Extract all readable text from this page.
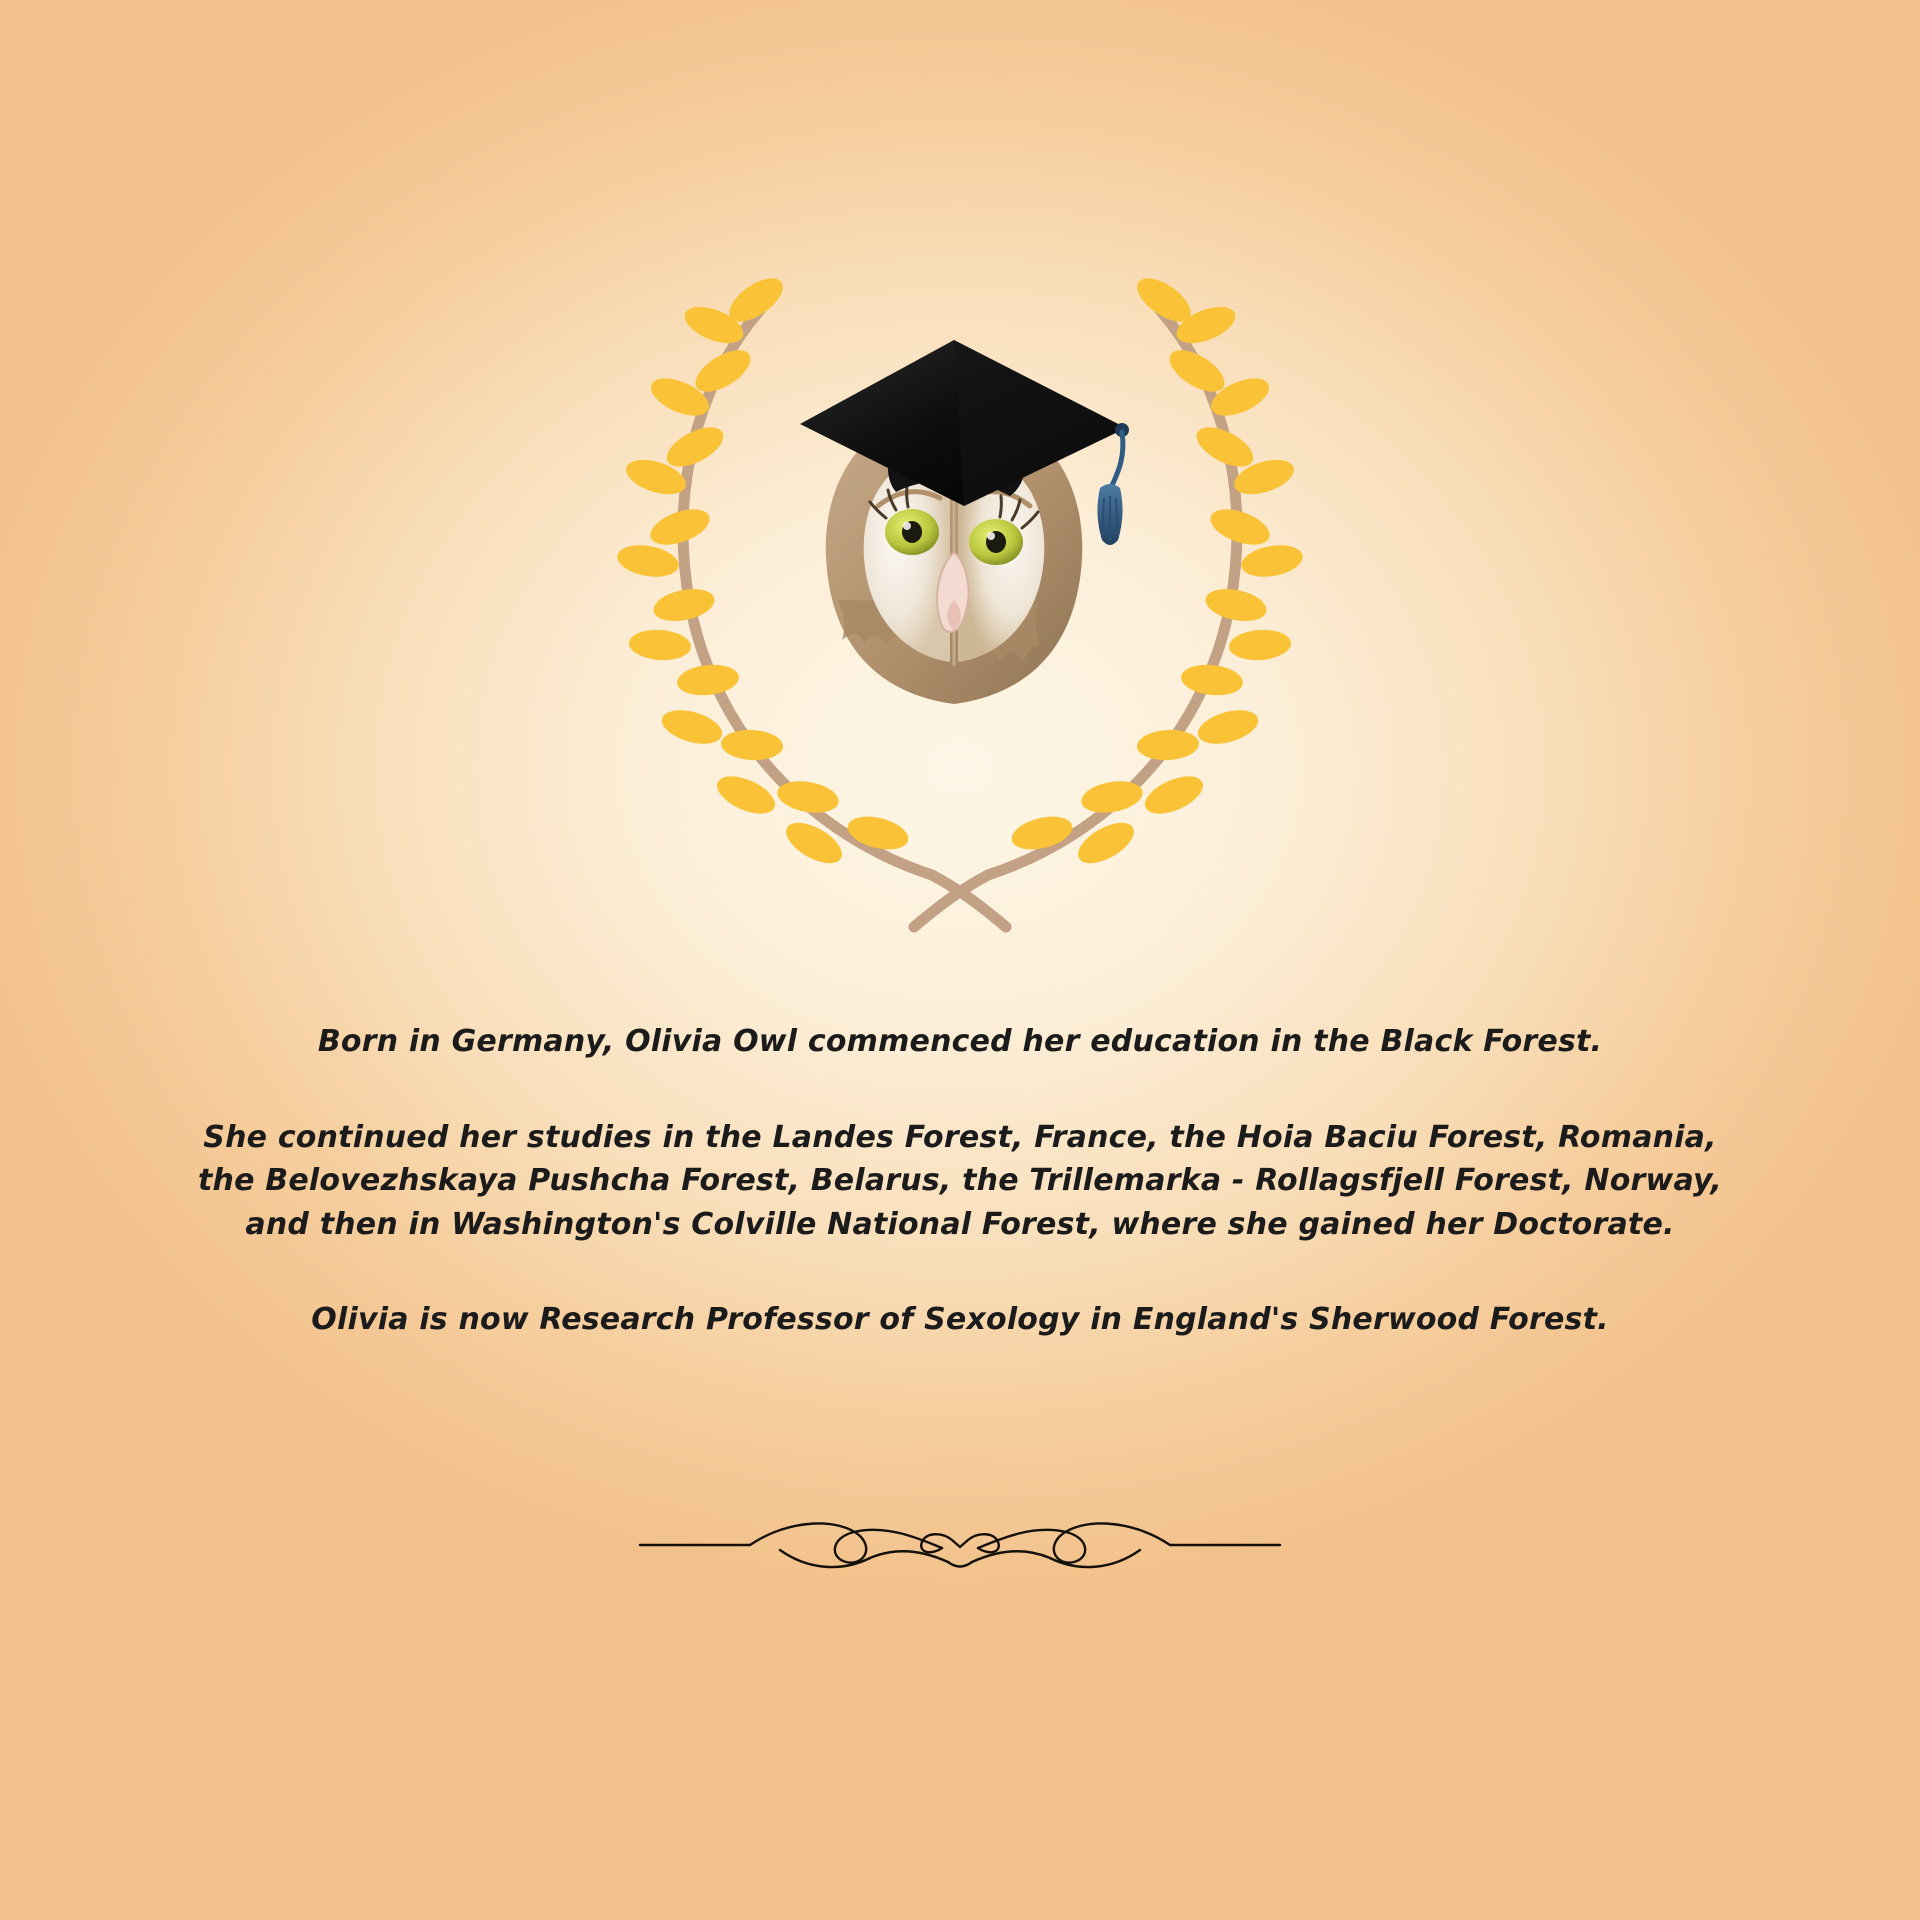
Born in Germany, Olivia Owl commenced her education in the Black Forest.

She continued her studies in the Landes Forest, France, the Hoia Baciu Forest, Romania,
the Belovezhskaya Pushcha Forest, Belarus, the Trillemarka - Rollagsfjell Forest, Norway,
and then in Washington's Colville National Forest, where she gained her Doctorate.

Olivia is now Research Professor of Sexology in England's Sherwood Forest.
